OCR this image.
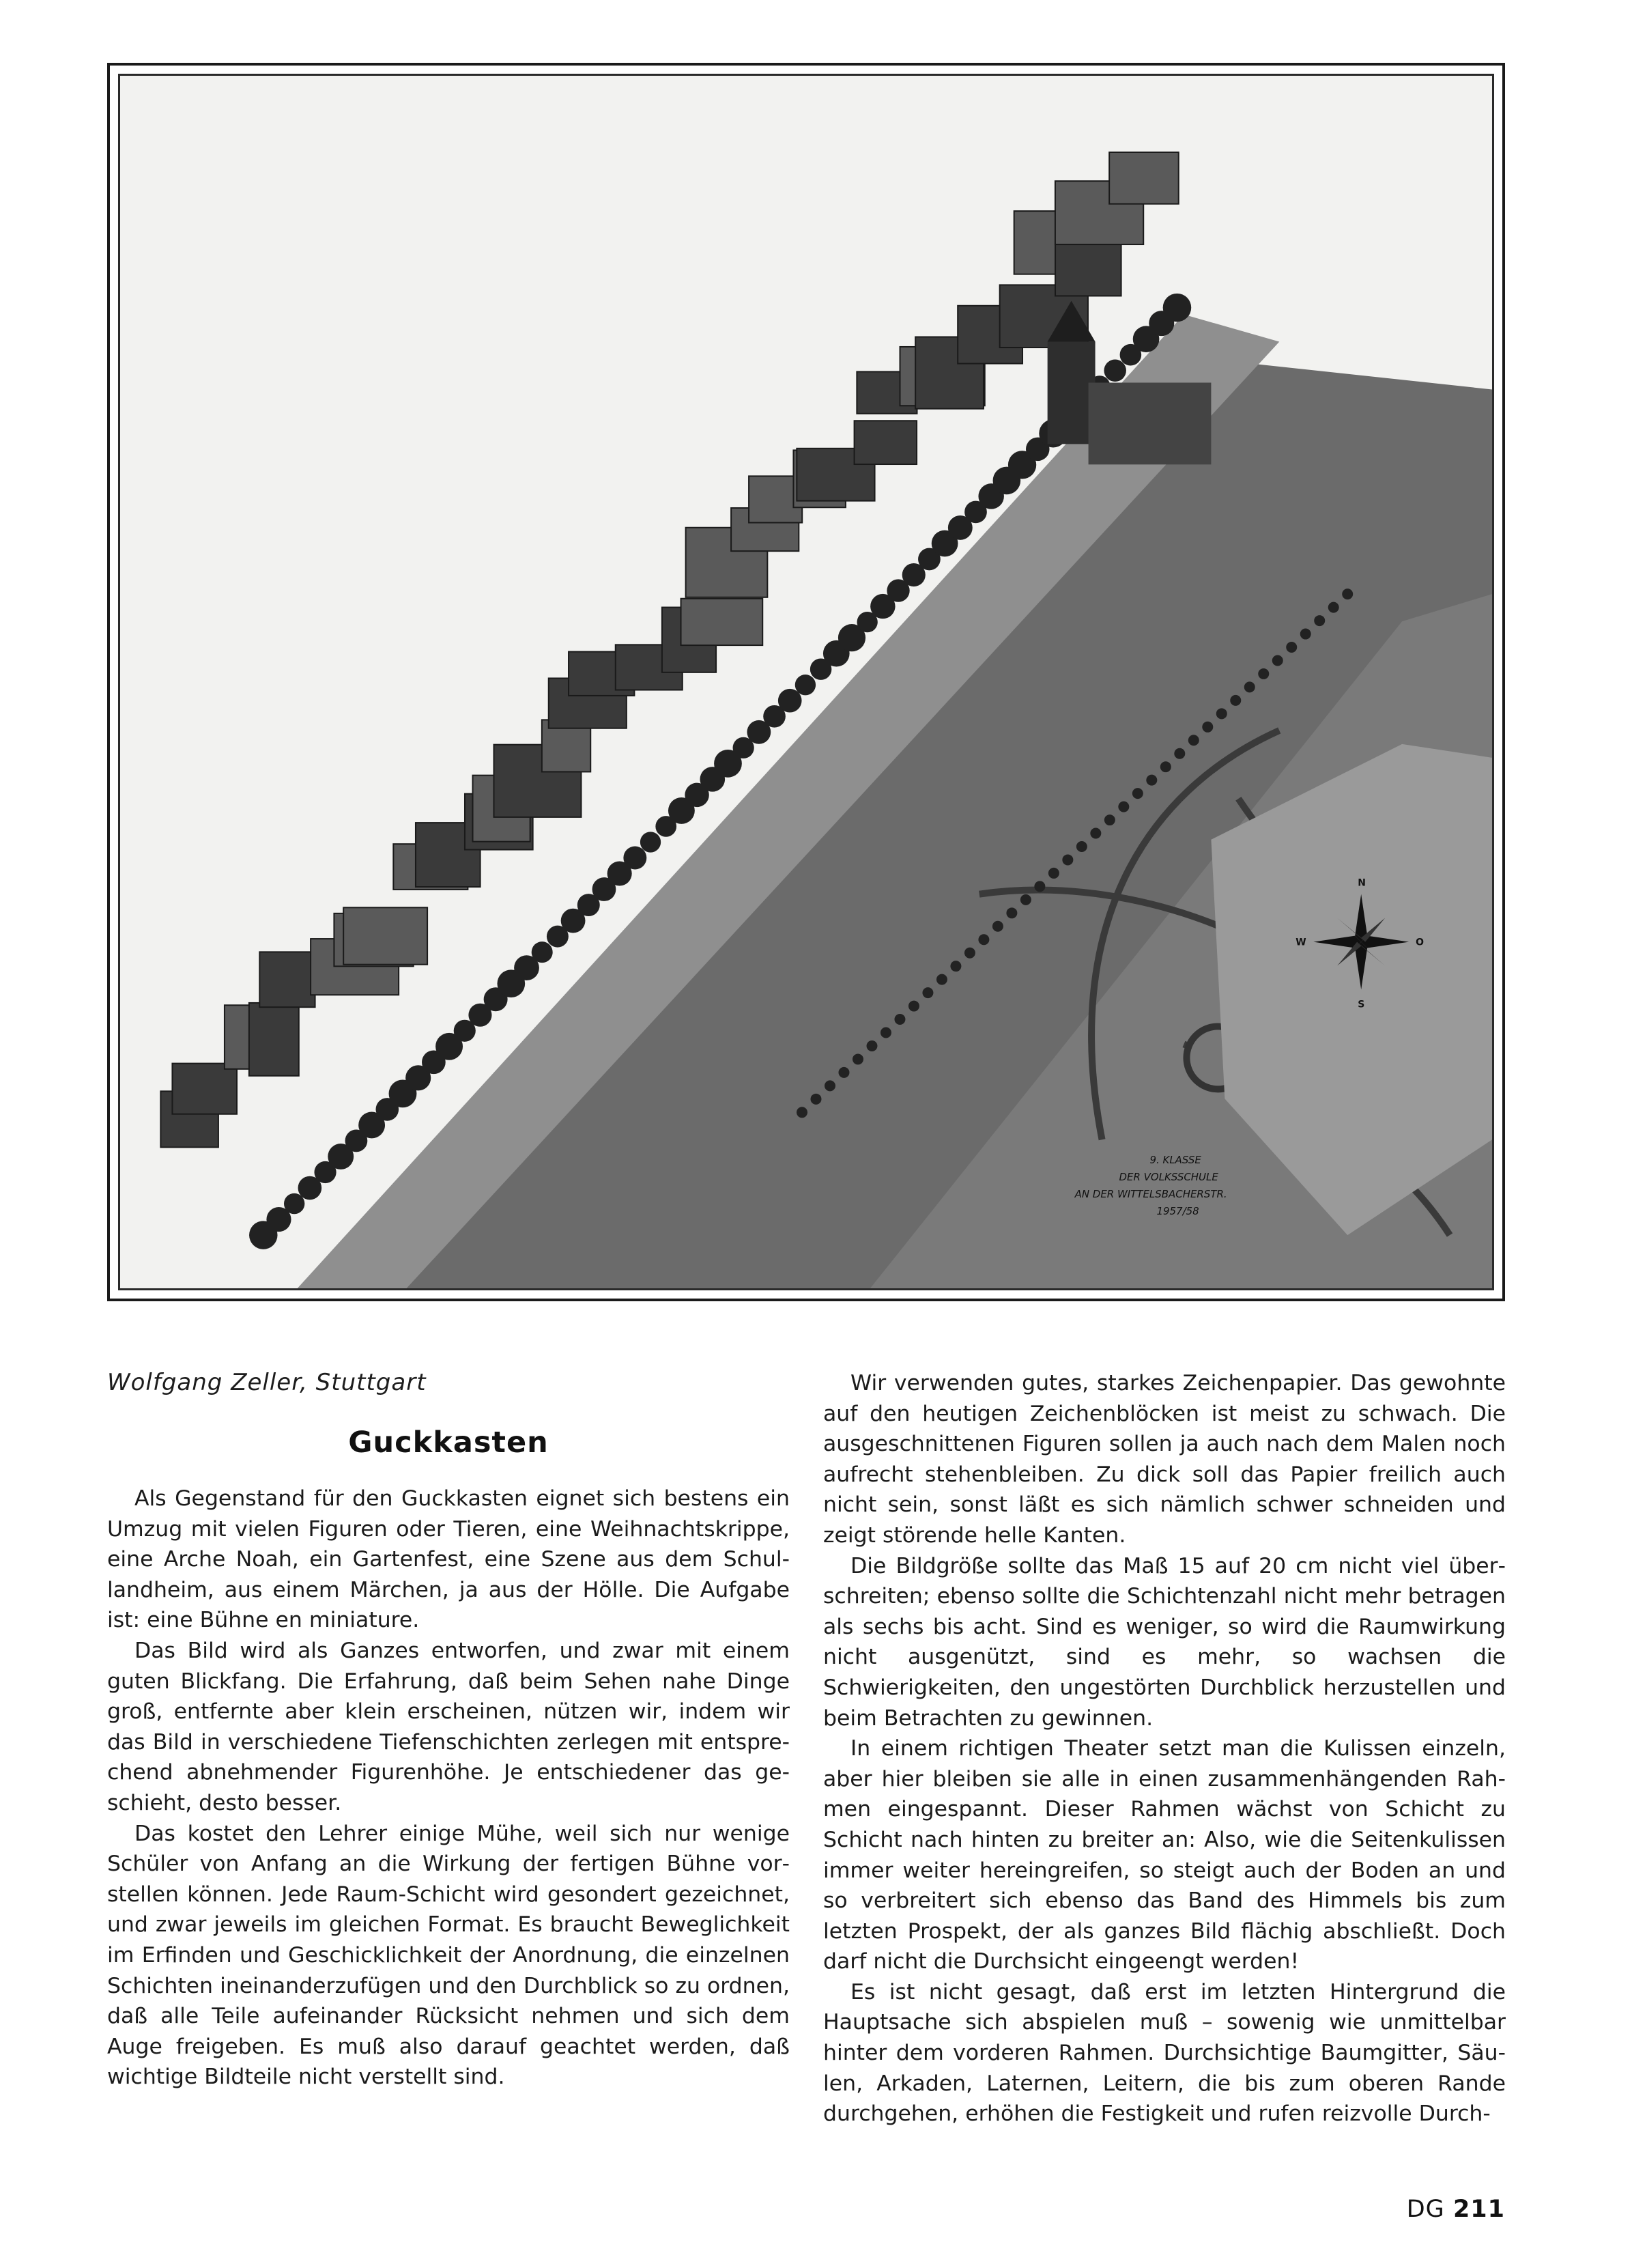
N
S
W	O
9. KLASSE
DER VOLKSSCHULE
AN DER WITTELSBACHERSTR.
1957/58
Wolfgang Zeller, Stuttgart
Guckkasten

Als Gegenstand für den Guckkasten eignet sich bestens ein Umzug mit vielen Figuren oder Tieren, eine Weihnachtskrippe, eine Arche Noah, ein Gartenfest, eine Szene aus dem Schullandheim, aus einem Märchen, ja aus der Hölle. Die Aufgabe ist: eine Bühne en miniature.

Das Bild wird als Ganzes entworfen, und zwar mit einem guten Blickfang. Die Erfahrung, daß beim Sehen nahe Dinge groß, entfernte aber klein erscheinen, nützen wir, indem wir das Bild in verschiedene Tiefenschichten zerlegen mit entsprechend abnehmender Figurenhöhe. Je entschiedener das geschieht, desto besser.

Das kostet den Lehrer einige Mühe, weil sich nur wenige Schüler von Anfang an die Wirkung der fertigen Bühne vorstellen können. Jede Raum-Schicht wird gesondert gezeichnet, und zwar jeweils im gleichen Format. Es braucht Beweglichkeit im Erfinden und Geschicklichkeit der Anordnung, die einzelnen Schichten ineinanderzufügen und den Durchblick so zu ordnen, daß alle Teile aufeinander Rücksicht nehmen und sich dem Auge freigeben. Es muß also darauf geachtet werden, daß wichtige Bildteile nicht verstellt sind.

Wir verwenden gutes, starkes Zeichenpapier. Das gewohnte auf den heutigen Zeichenblöcken ist meist zu schwach. Die ausgeschnittenen Figuren sollen ja auch nach dem Malen noch aufrecht stehenbleiben. Zu dick soll das Papier freilich auch nicht sein, sonst läßt es sich nämlich schwer schneiden und zeigt störende helle Kanten.

Die Bildgröße sollte das Maß 15 auf 20 cm nicht viel überschreiten; ebenso sollte die Schichtenzahl nicht mehr betragen als sechs bis acht. Sind es weniger, so wird die Raumwirkung nicht ausgenützt, sind es mehr, so wachsen die Schwierigkeiten, den ungestörten Durchblick herzustellen und beim Betrachten zu gewinnen.

In einem richtigen Theater setzt man die Kulissen einzeln, aber hier bleiben sie alle in einen zusammenhängenden Rahmen eingespannt. Dieser Rahmen wächst von Schicht zu Schicht nach hinten zu breiter an: Also, wie die Seitenkulissen immer weiter hereingreifen, so steigt auch der Boden an und so verbreitert sich ebenso das Band des Himmels bis zum letzten Prospekt, der als ganzes Bild flächig abschließt. Doch darf nicht die Durchsicht eingeengt werden!

Es ist nicht gesagt, daß erst im letzten Hintergrund die Hauptsache sich abspielen muß – sowenig wie unmittelbar hinter dem vorderen Rahmen. Durchsichtige Baumgitter, Säulen, Arkaden, Laternen, Leitern, die bis zum oberen Rande durchgehen, erhöhen die Festigkeit und rufen reizvolle Durch-

DG 211
